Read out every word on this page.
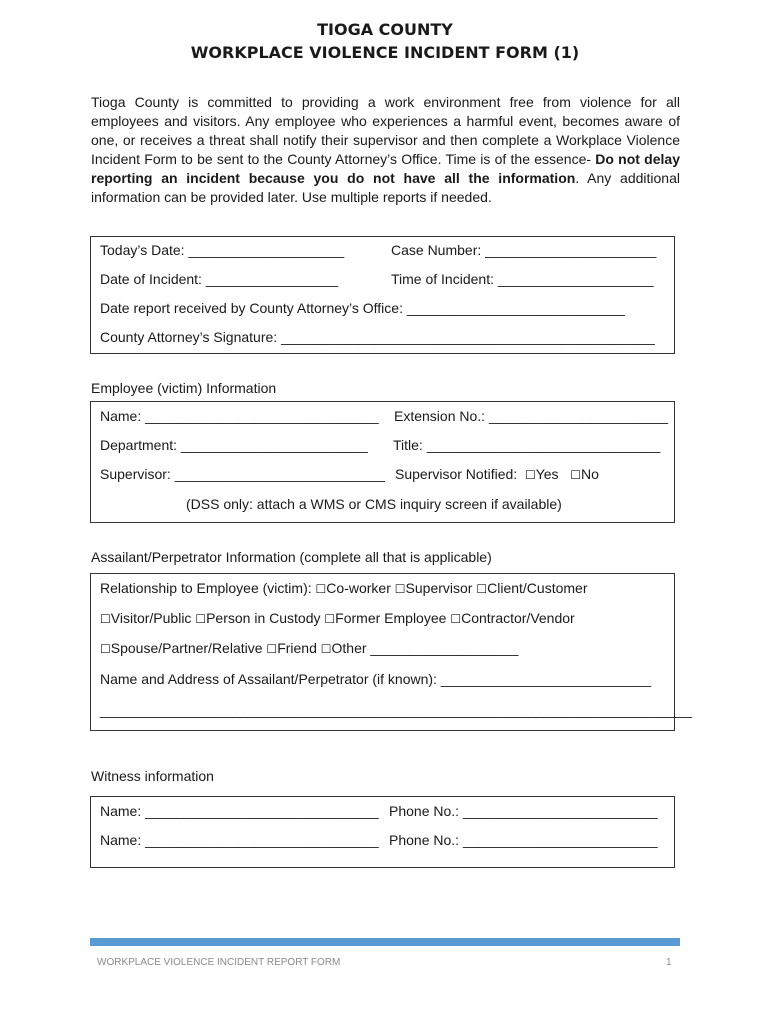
TIOGA COUNTY
WORKPLACE VIOLENCE INCIDENT FORM (1)

Tioga County is committed to providing a work environment free from violence for all employees and visitors. Any employee who experiences a harmful event, becomes aware of one, or receives a threat shall notify their supervisor and then complete a Workplace Violence Incident Form to be sent to the County Attorney’s Office. Time is of the essence- Do not delay reporting an incident because you do not have all the information. Any additional information can be provided later. Use multiple reports if needed.

Today’s Date: ____________________	Case Number: ______________________
Date of Incident: _________________	Time of Incident: ____________________
Date report received by County Attorney’s Office: ____________________________
County Attorney’s Signature: ________________________________________________
Employee (victim) Information
Name: ______________________________ Extension No.: _______________________
Department: ________________________ Title: ______________________________
Supervisor: ___________________________ Supervisor Notified: ☐Yes ☐No
(DSS only: attach a WMS or CMS inquiry screen if available)
Assailant/Perpetrator Information (complete all that is applicable)
Relationship to Employee (victim): ☐Co-worker ☐Supervisor ☐Client/Customer
☐Visitor/Public ☐Person in Custody ☐Former Employee ☐Contractor/Vendor
☐Spouse/Partner/Relative ☐Friend ☐Other ___________________
Name and Address of Assailant/Perpetrator (if known): ___________________________
____________________________________________________________________________
Witness information
Name: ______________________________ Phone No.: _________________________
Name: ______________________________ Phone No.: _________________________
WORKPLACE VIOLENCE INCIDENT REPORT FORM	1
